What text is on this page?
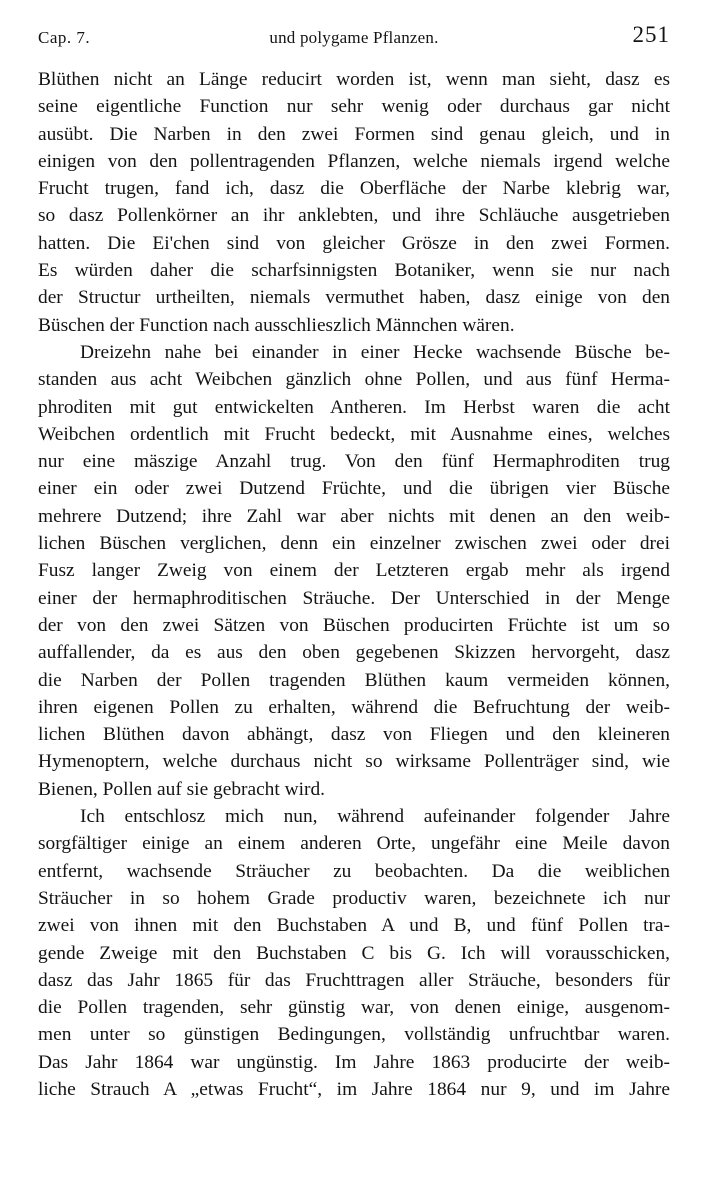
Cap. 7.	und polygame Pflanzen.	251
Blüthen nicht an Länge reducirt worden ist, wenn man sieht, dasz es
seine eigentliche Function nur sehr wenig oder durchaus gar nicht
ausübt. Die Narben in den zwei Formen sind genau gleich, und in
einigen von den pollentragenden Pflanzen, welche niemals irgend welche
Frucht trugen, fand ich, dasz die Oberfläche der Narbe klebrig war,
so dasz Pollenkörner an ihr anklebten, und ihre Schläuche ausgetrieben
hatten. Die Ei'chen sind von gleicher Grösze in den zwei Formen.
Es würden daher die scharfsinnigsten Botaniker, wenn sie nur nach
der Structur urtheilten, niemals vermuthet haben, dasz einige von den
Büschen der Function nach ausschlieszlich Männchen wären.
Dreizehn nahe bei einander in einer Hecke wachsende Büsche be-
standen aus acht Weibchen gänzlich ohne Pollen, und aus fünf Herma-
phroditen mit gut entwickelten Antheren. Im Herbst waren die acht
Weibchen ordentlich mit Frucht bedeckt, mit Ausnahme eines, welches
nur eine mäszige Anzahl trug. Von den fünf Hermaphroditen trug
einer ein oder zwei Dutzend Früchte, und die übrigen vier Büsche
mehrere Dutzend; ihre Zahl war aber nichts mit denen an den weib-
lichen Büschen verglichen, denn ein einzelner zwischen zwei oder drei
Fusz langer Zweig von einem der Letzteren ergab mehr als irgend
einer der hermaphroditischen Sträuche. Der Unterschied in der Menge
der von den zwei Sätzen von Büschen producirten Früchte ist um so
auffallender, da es aus den oben gegebenen Skizzen hervorgeht, dasz
die Narben der Pollen tragenden Blüthen kaum vermeiden können,
ihren eigenen Pollen zu erhalten, während die Befruchtung der weib-
lichen Blüthen davon abhängt, dasz von Fliegen und den kleineren
Hymenoptern, welche durchaus nicht so wirksame Pollenträger sind, wie
Bienen, Pollen auf sie gebracht wird.
Ich entschlosz mich nun, während aufeinander folgender Jahre
sorgfältiger einige an einem anderen Orte, ungefähr eine Meile davon
entfernt, wachsende Sträucher zu beobachten. Da die weiblichen
Sträucher in so hohem Grade productiv waren, bezeichnete ich nur
zwei von ihnen mit den Buchstaben A und B, und fünf Pollen tra-
gende Zweige mit den Buchstaben C bis G. Ich will vorausschicken,
dasz das Jahr 1865 für das Fruchttragen aller Sträuche, besonders für
die Pollen tragenden, sehr günstig war, von denen einige, ausgenom-
men unter so günstigen Bedingungen, vollständig unfruchtbar waren.
Das Jahr 1864 war ungünstig. Im Jahre 1863 producirte der weib-
liche Strauch A „etwas Frucht“, im Jahre 1864 nur 9, und im Jahre
